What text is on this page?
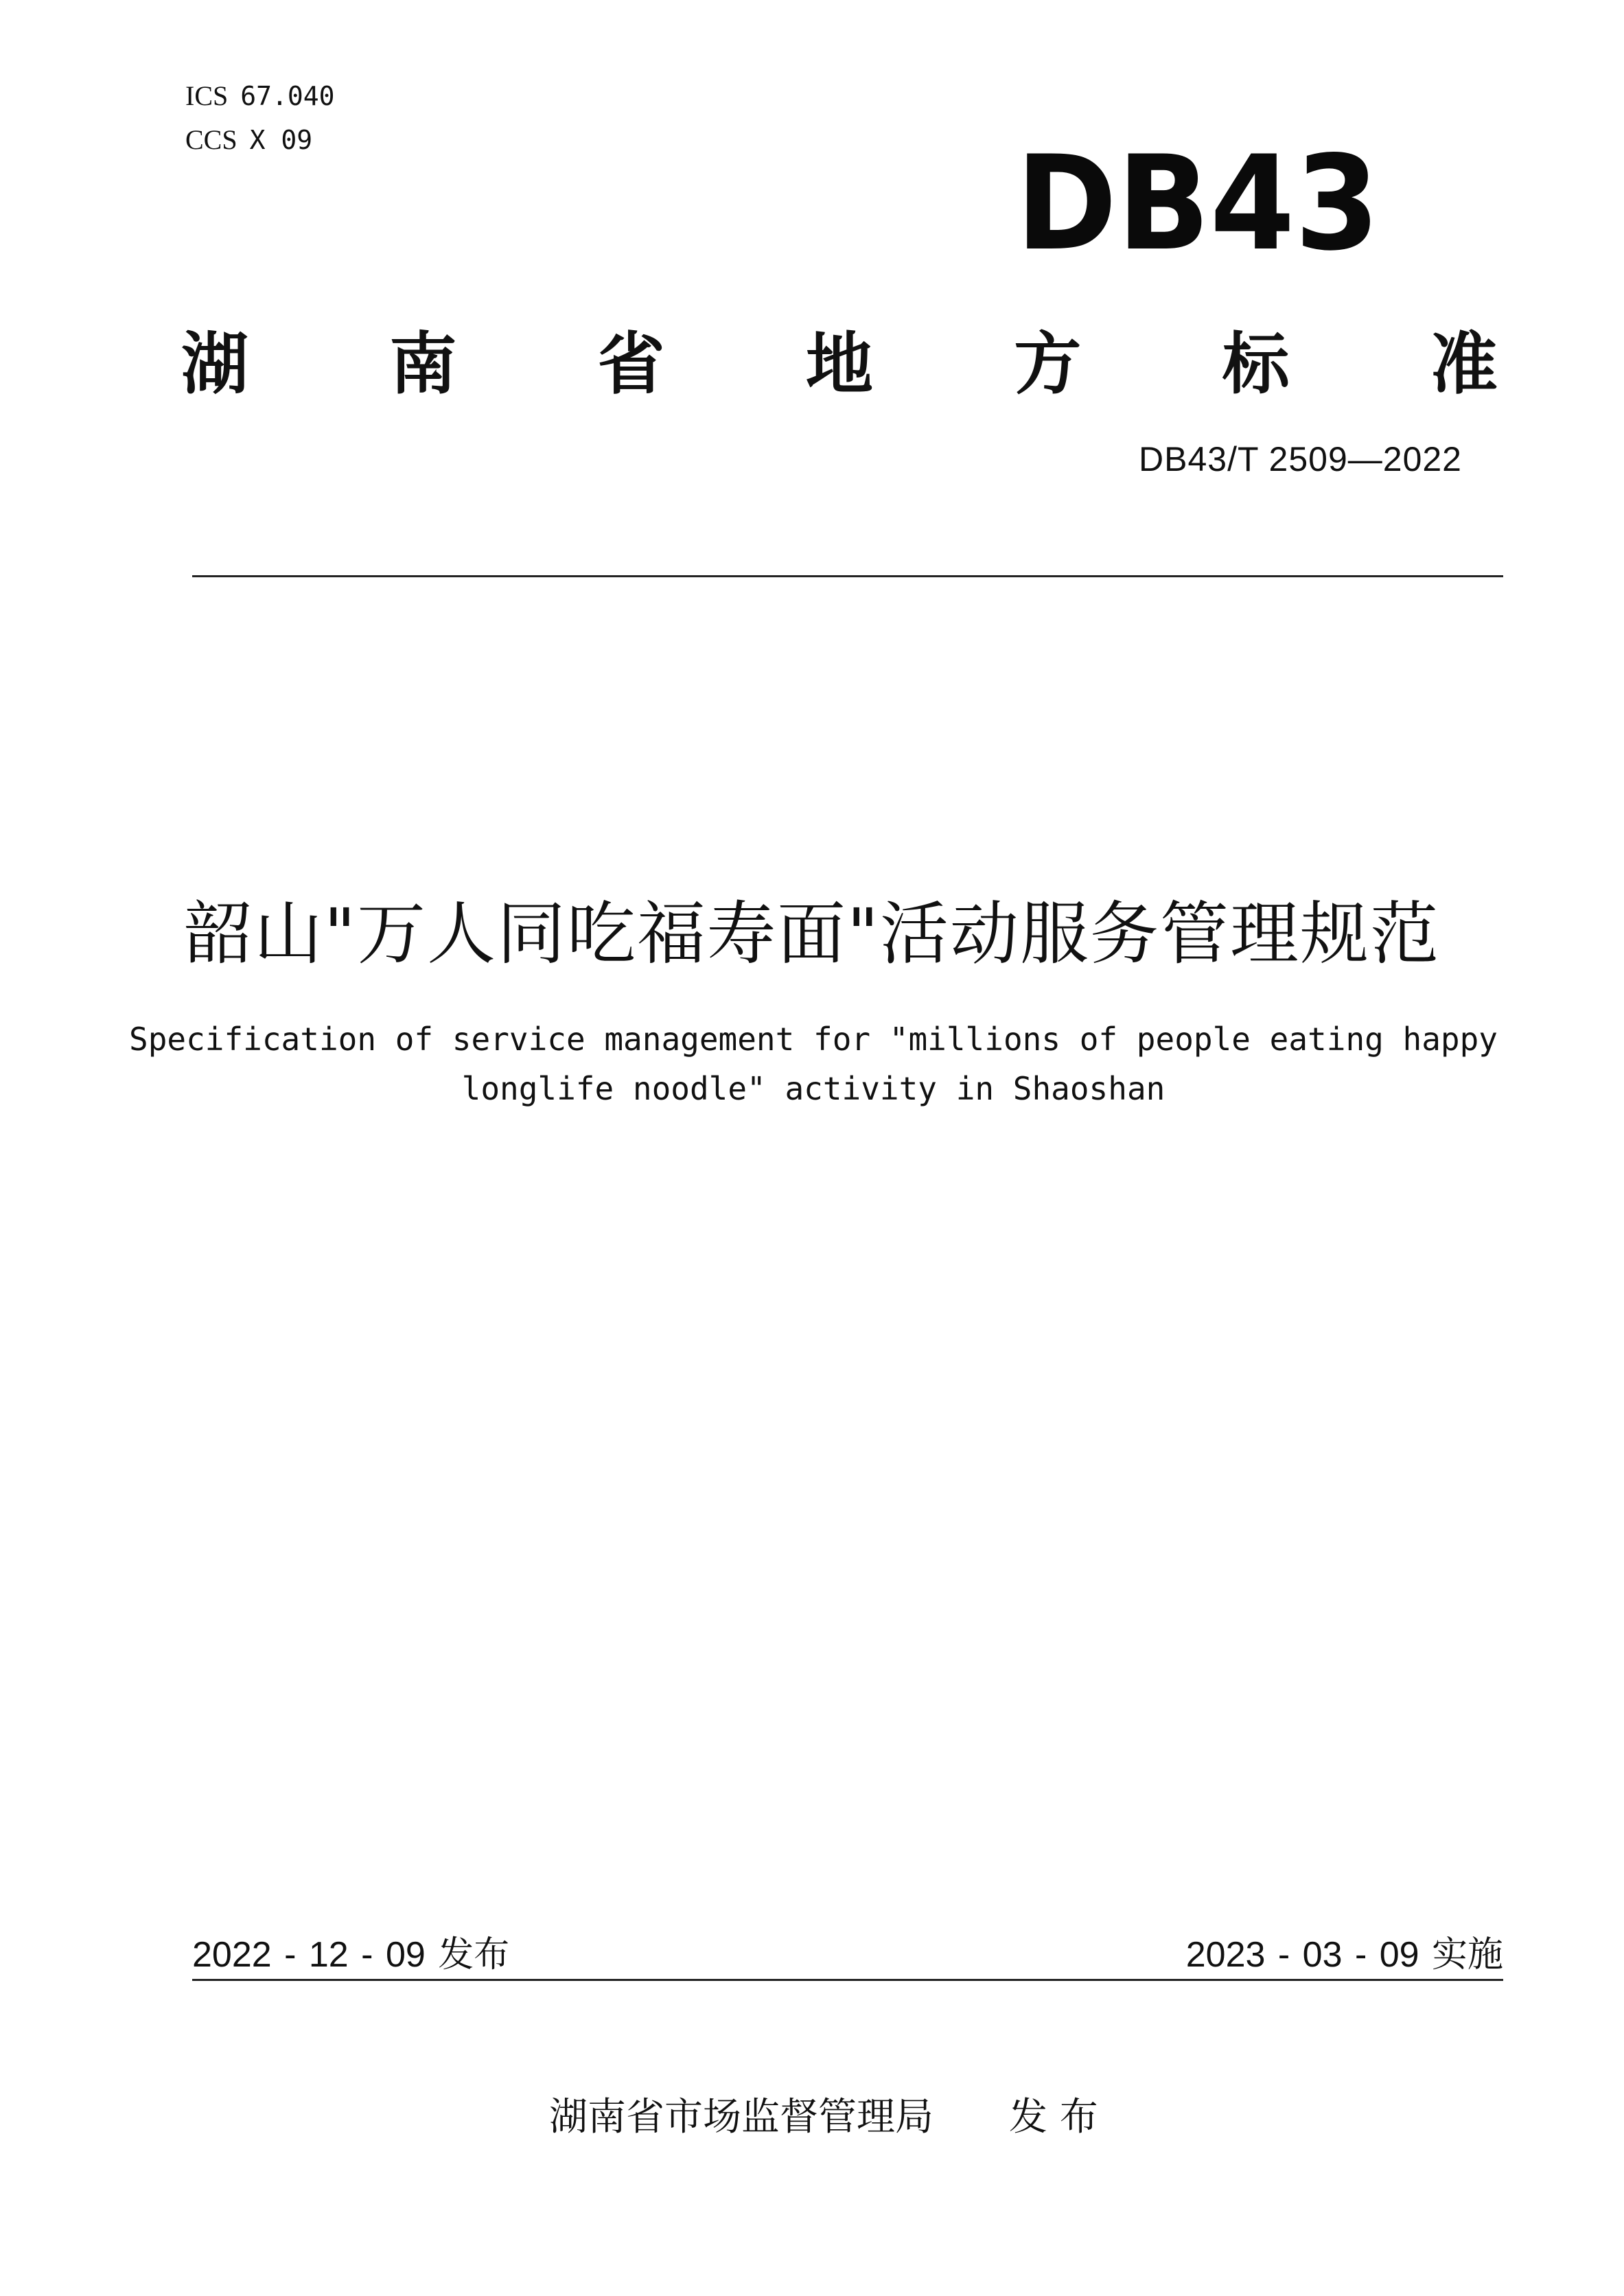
ICS 67.040
CCS X 09	DB43
湖 南 省 地 方 标 准
DB43/T 2509—2022
韶山"万人同吃福寿面"活动服务管理规范
Specification of service management for "millions of people eating happy
longlife noodle" activity in Shaoshan
2022 - 12 - 09 发布	2023 - 03 - 09 实施
湖南省市场监督管理局 发 布
